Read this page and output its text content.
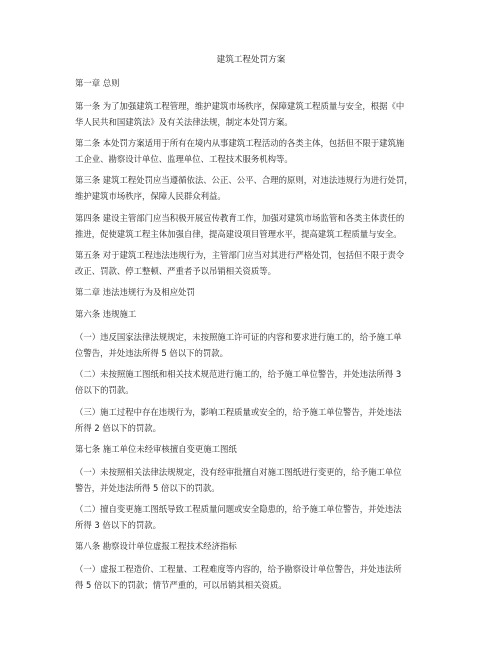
建筑工程处罚方案
第一章 总则
第一条 为了加强建筑工程管理，维护建筑市场秩序，保障建筑工程质量与安全，根据《中
华人民共和国建筑法》及有关法律法规，制定本处罚方案。
第二条 本处罚方案适用于所有在境内从事建筑工程活动的各类主体，包括但不限于建筑施
工企业、勘察设计单位、监理单位、工程技术服务机构等。
第三条 建筑工程处罚应当遵循依法、公正、公平、合理的原则，对违法违规行为进行处罚，
维护建筑市场秩序，保障人民群众利益。
第四条 建设主管部门应当积极开展宣传教育工作，加强对建筑市场监管和各类主体责任的
推进，促使建筑工程主体加强自律，提高建设项目管理水平，提高建筑工程质量与安全。
第五条 对于建筑工程违法违规行为，主管部门应当对其进行严格处罚，包括但不限于责令
改正、罚款、停工整顿、严重者予以吊销相关资质等。
第二章 违法违规行为及相应处罚
第六条 违规施工
（一）违反国家法律法规规定，未按照施工许可证的内容和要求进行施工的，给予施工单
位警告，并处违法所得 5 倍以下的罚款。
（二）未按照施工图纸和相关技术规范进行施工的，给予施工单位警告，并处违法所得 3
倍以下的罚款。
（三）施工过程中存在违规行为，影响工程质量或安全的，给予施工单位警告，并处违法
所得 2 倍以下的罚款。
第七条 施工单位未经审核擅自变更施工图纸
（一）未按照相关法律法规规定，没有经审批擅自对施工图纸进行变更的，给予施工单位
警告，并处违法所得 5 倍以下的罚款。
（二）擅自变更施工图纸导致工程质量问题或安全隐患的，给予施工单位警告，并处违法
所得 3 倍以下的罚款。
第八条 勘察设计单位虚报工程技术经济指标
（一）虚报工程造价、工程量、工程难度等内容的，给予勘察设计单位警告，并处违法所
得 5 倍以下的罚款；情节严重的，可以吊销其相关资质。
